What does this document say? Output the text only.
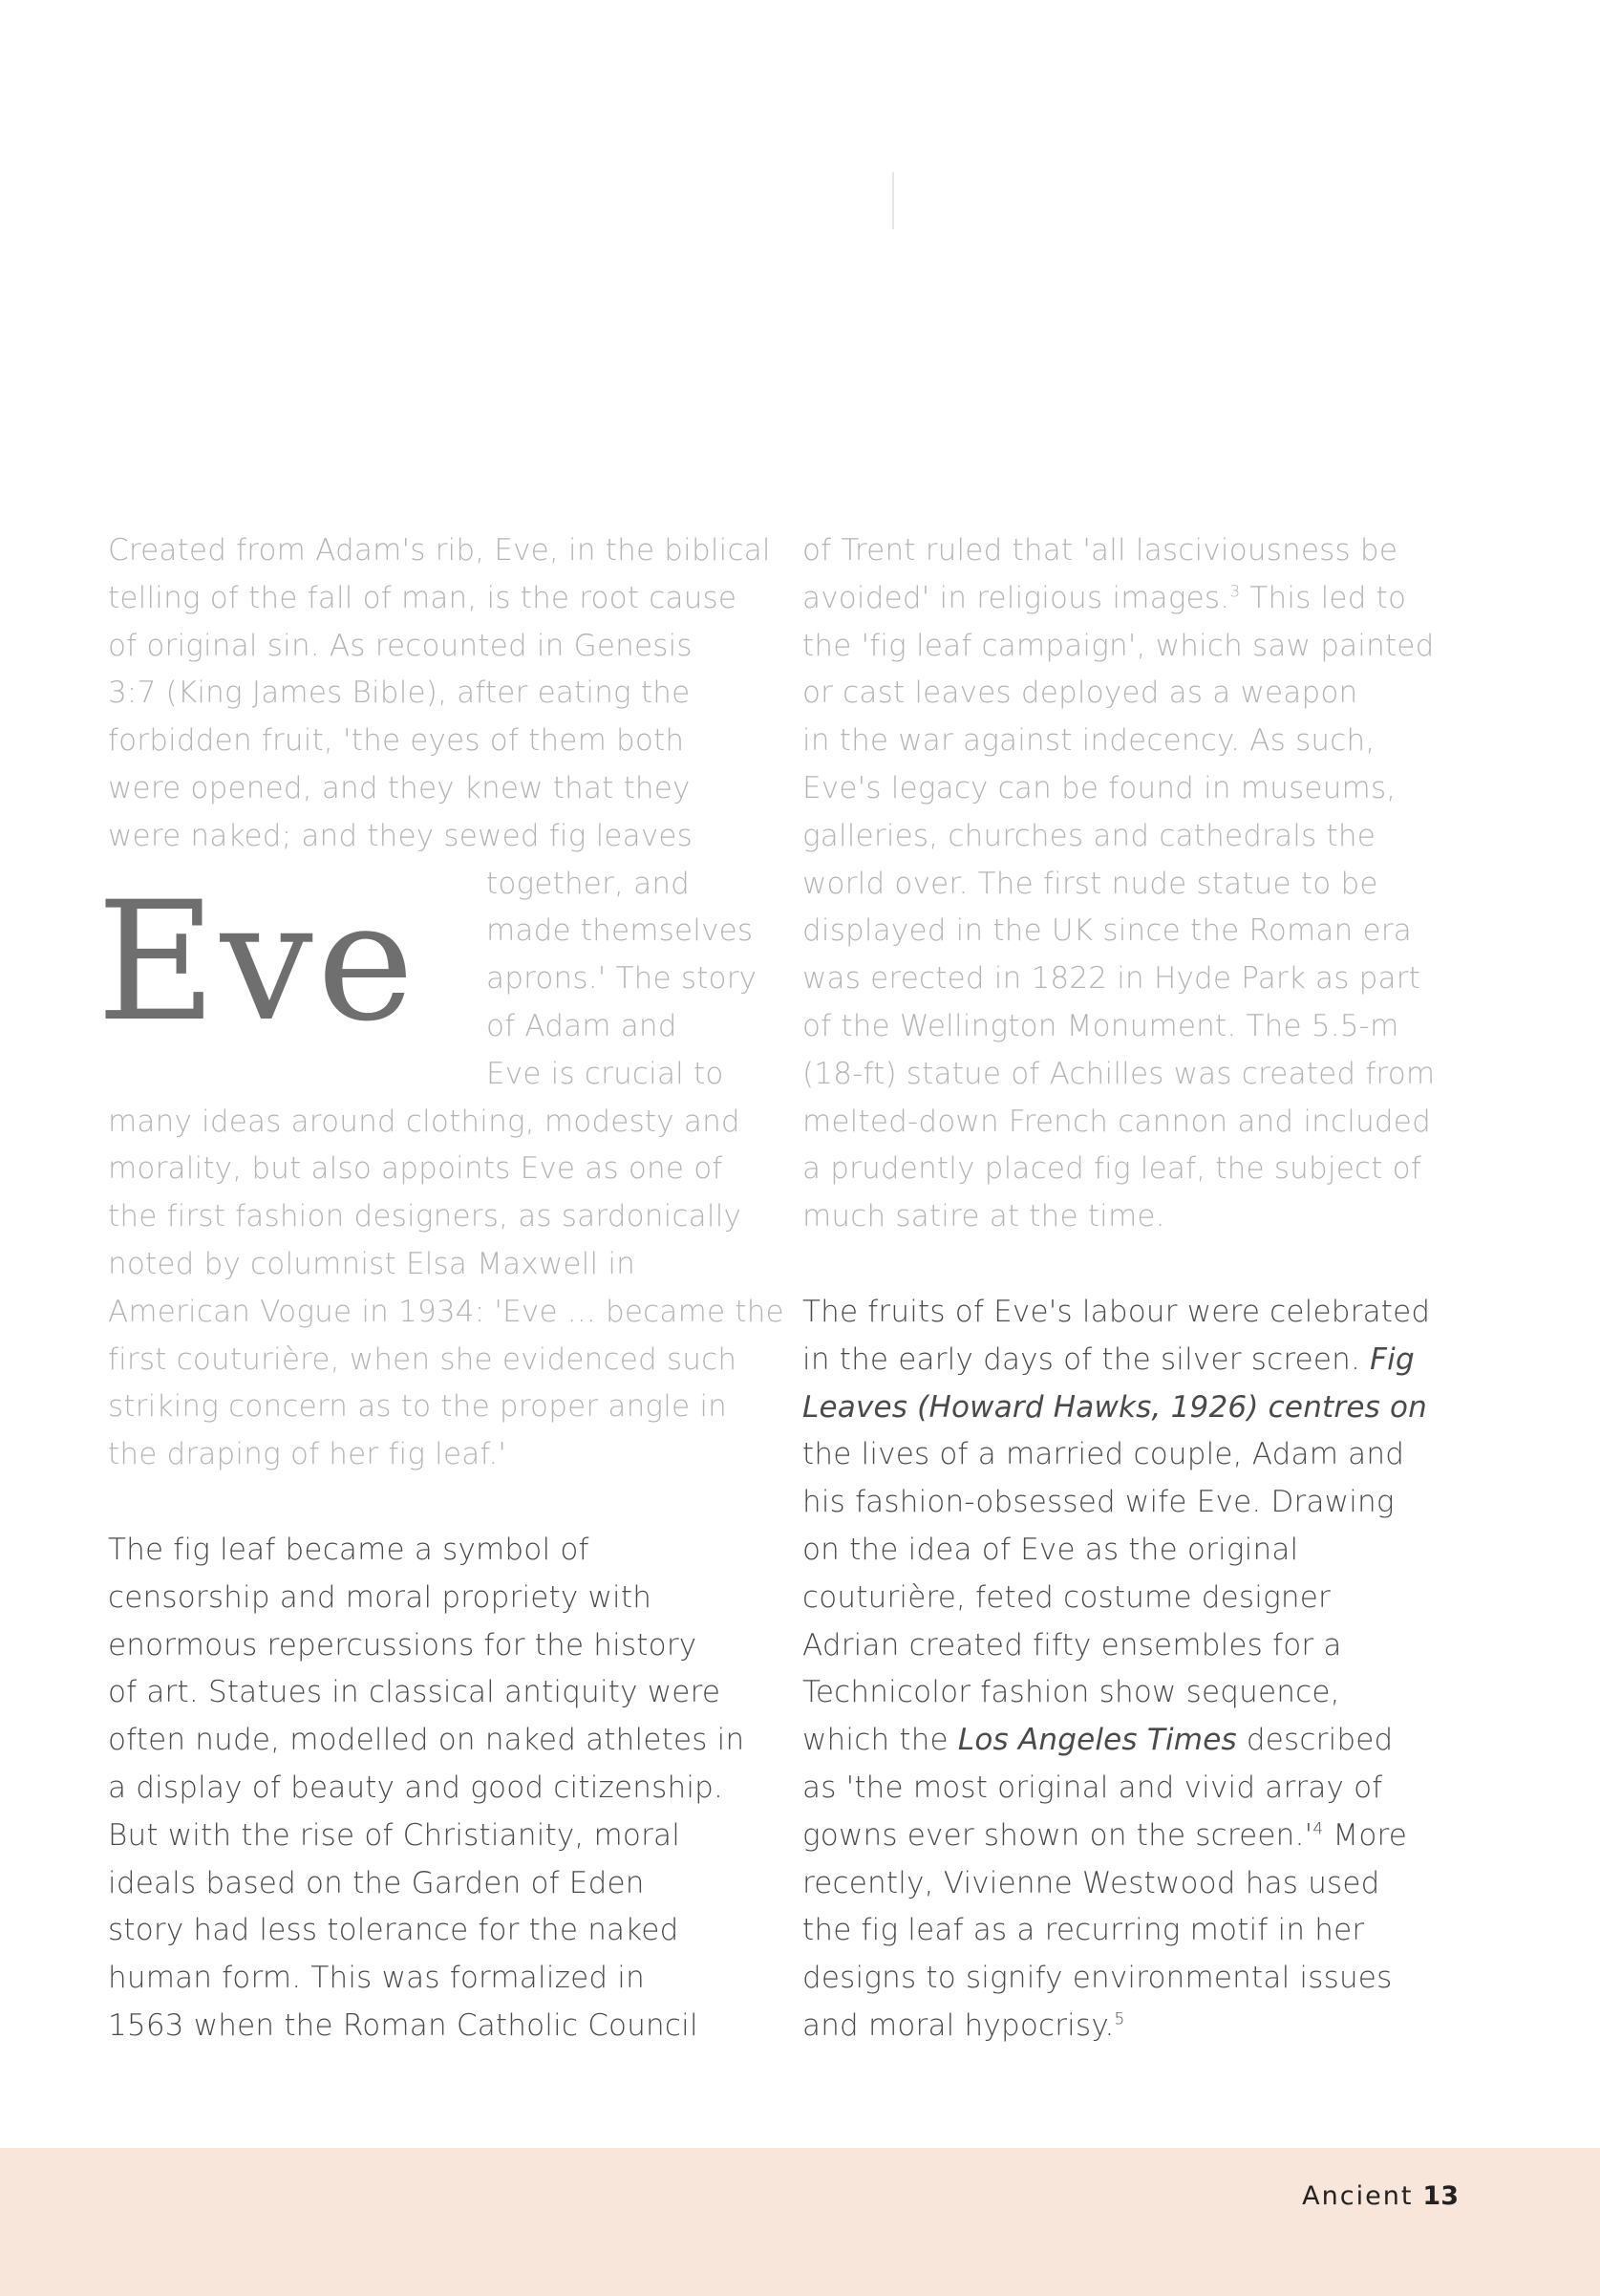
Created from Adam's rib, Eve, in the biblical
telling of the fall of man, is the root cause
of original sin. As recounted in Genesis
3:7 (King James Bible), after eating the
forbidden fruit, 'the eyes of them both
were opened, and they knew that they
were naked; and they sewed fig leaves
Eve together, and
made themselves
aprons.' The story
of Adam and
Eve is crucial to
many ideas around clothing, modesty and
morality, but also appoints Eve as one of
the first fashion designers, as sardonically
noted by columnist Elsa Maxwell in
American Vogue in 1934: 'Eve ... became the
first couturière, when she evidenced such
striking concern as to the proper angle in
the draping of her fig leaf.'
The fig leaf became a symbol of
censorship and moral propriety with
enormous repercussions for the history
of art. Statues in classical antiquity were
often nude, modelled on naked athletes in
a display of beauty and good citizenship.
But with the rise of Christianity, moral
ideals based on the Garden of Eden
story had less tolerance for the naked
human form. This was formalized in
1563 when the Roman Catholic Council
of Trent ruled that 'all lasciviousness be
avoided' in religious images.$^3$ This led to
the 'fig leaf campaign', which saw painted
or cast leaves deployed as a weapon
in the war against indecency. As such,
Eve's legacy can be found in museums,
galleries, churches and cathedrals the
world over. The first nude statue to be
displayed in the UK since the Roman era
was erected in 1822 in Hyde Park as part
of the Wellington Monument. The 5.5-m
(18-ft) statue of Achilles was created from
melted-down French cannon and included
a prudently placed fig leaf, the subject of
much satire at the time.
The fruits of Eve's labour were celebrated
in the early days of the silver screen. Fig
Leaves (Howard Hawks, 1926) centres on
the lives of a married couple, Adam and
his fashion-obsessed wife Eve. Drawing
on the idea of Eve as the original
couturière, feted costume designer
Adrian created fifty ensembles for a
Technicolor fashion show sequence,
which the Los Angeles Times described
as 'the most original and vivid array of
gowns ever shown on the $screen.'^4$ More
recently, Vivienne Westwood has used
the fig leaf as a recurring motif in her
designs to signify environmental issues
and moral hypocrisy.$^5$
Ancient 13
